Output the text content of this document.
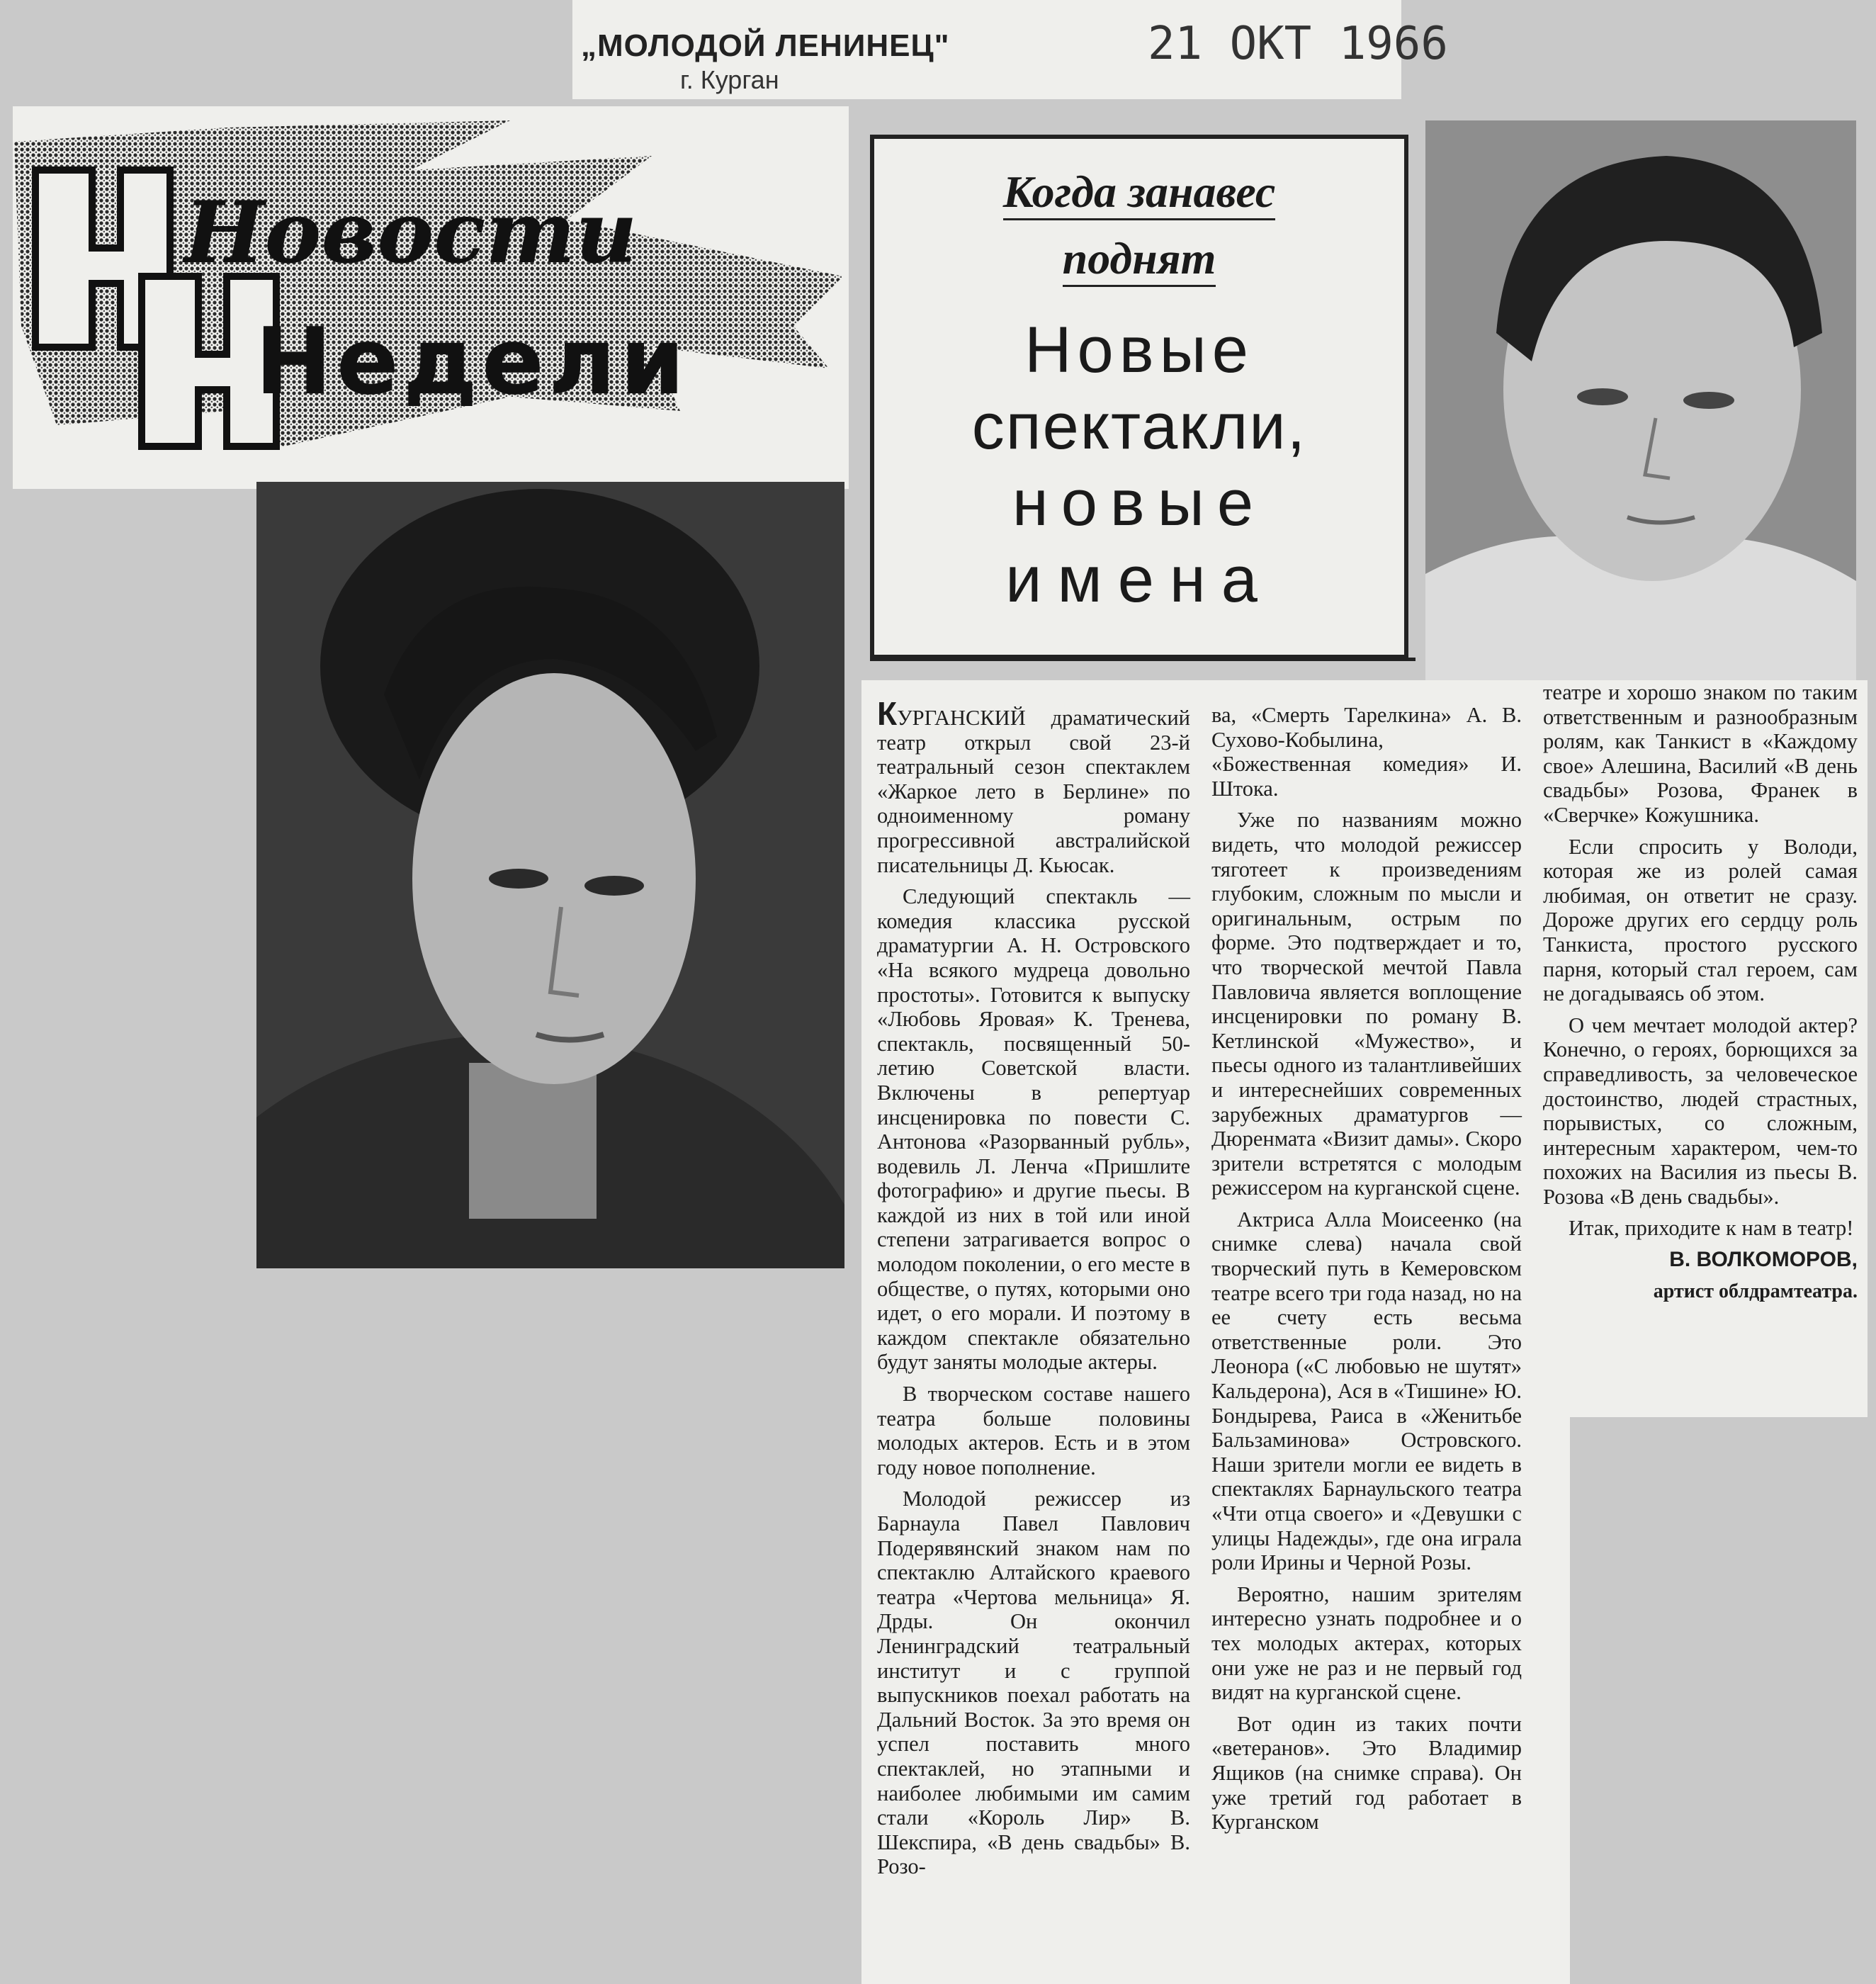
„МОЛОДОЙ ЛЕНИНЕЦ"
г. Курган
21 ОКТ 1966
Новости
Недели
Когда занавес
поднят
Новые
спектакли,
новые
имена

КУРГАНСКИЙ драматический театр открыл свой 23-й театральный сезон спектаклем «Жаркое лето в Берлине» по одноименному роману прогрессивной австралийской писательницы Д. Кьюсак.

Следующий спектакль — комедия классика русской драматургии А. Н. Островского «На всякого мудреца довольно простоты». Готовится к выпуску «Любовь Яровая» К. Тренева, спектакль, посвященный 50-летию Советской власти. Включены в репертуар инсценировка по повести С. Антонова «Разорванный рубль», водевиль Л. Ленча «Пришлите фотографию» и другие пьесы. В каждой из них в той или иной степени затрагивается вопрос о молодом поколении, о его месте в обществе, о путях, которыми оно идет, о его морали. И поэтому в каждом спектакле обязательно будут заняты молодые актеры.

В творческом составе нашего театра больше половины молодых актеров. Есть и в этом году новое пополнение.

Молодой режиссер из Барнаула Павел Павлович Подерявянский знаком нам по спектаклю Алтайского краевого театра «Чертова мельница» Я. Дрды. Он окончил Ленинградский театральный институт и с группой выпускников поехал работать на Дальний Восток. За это время он успел поставить много спектаклей, но этапными и наиболее любимыми им самим стали «Король Лир» В. Шекспира, «В день свадьбы» В. Розо-

ва, «Смерть Тарелкина» А. В. Сухово-Кобылина, «Божественная комедия» И. Штока.

Уже по названиям можно видеть, что молодой режиссер тяготеет к произведениям глубоким, сложным по мысли и оригинальным, острым по форме. Это подтверждает и то, что творческой мечтой Павла Павловича является воплощение инсценировки по роману В. Кетлинской «Мужество», и пьесы одного из талантливейших и интереснейших современных зарубежных драматургов — Дюренмата «Визит дамы». Скоро зрители встретятся с молодым режиссером на курганской сцене.

Актриса Алла Моисеенко (на снимке слева) начала свой творческий путь в Кемеровском театре всего три года назад, но на ее счету есть весьма ответственные роли. Это Леонора («С любовью не шутят» Кальдерона), Ася в «Тишине» Ю. Бондырева, Раиса в «Женитьбе Бальзаминова» Островского. Наши зрители могли ее видеть в спектаклях Барнаульского театра «Чти отца своего» и «Девушки с улицы Надежды», где она играла роли Ирины и Черной Розы.

Вероятно, нашим зрителям интересно узнать подробнее и о тех молодых актерах, которых они уже не раз и не первый год видят на курганской сцене.

Вот один из таких почти «ветеранов». Это Владимир Ящиков (на снимке справа). Он уже третий год работает в Курганском

театре и хорошо знаком по таким ответственным и разнообразным ролям, как Танкист в «Каждому свое» Алешина, Василий «В день свадьбы» Розова, Франек в «Сверчке» Кожушника.

Если спросить у Володи, которая же из ролей самая любимая, он ответит не сразу. Дороже других его сердцу роль Танкиста, простого русского парня, который стал героем, сам не догадываясь об этом.

О чем мечтает молодой актер? Конечно, о героях, борющихся за справедливость, за человеческое достоинство, людей страстных, порывистых, со сложным, интересным характером, чем-то похожих на Василия из пьесы В. Розова «В день свадьбы».

Итак, приходите к нам в театр!

В. ВОЛКОМОРОВ,

артист облдрамтеатра.
